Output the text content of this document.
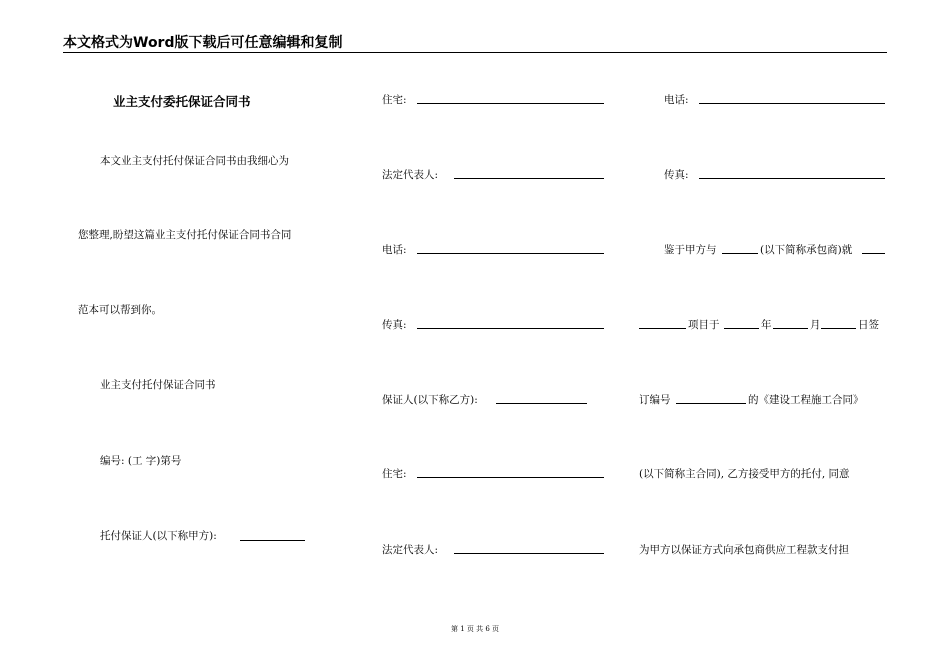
本文格式为Word版下载后可任意编辑和复制
业主支付委托保证合同书
本文业主支付托付保证合同书由我细心为
您整理,盼望这篇业主支付托付保证合同书合同
范本可以帮到你。
业主支付托付保证合同书
编号: (工 字)第号
托付保证人(以下称甲方):
住宅:
法定代表人:
电话:
传真:
保证人(以下称乙方):
住宅:
法定代表人:
电话:
传真:
鉴于甲方与	(以下简称承包商)就
项目于	年	月	日签
订编号	的《建设工程施工合同》
(以下简称主合同), 乙方接受甲方的托付, 同意
为甲方以保证方式向承包商供应工程款支付担
第 1 页 共 6 页
